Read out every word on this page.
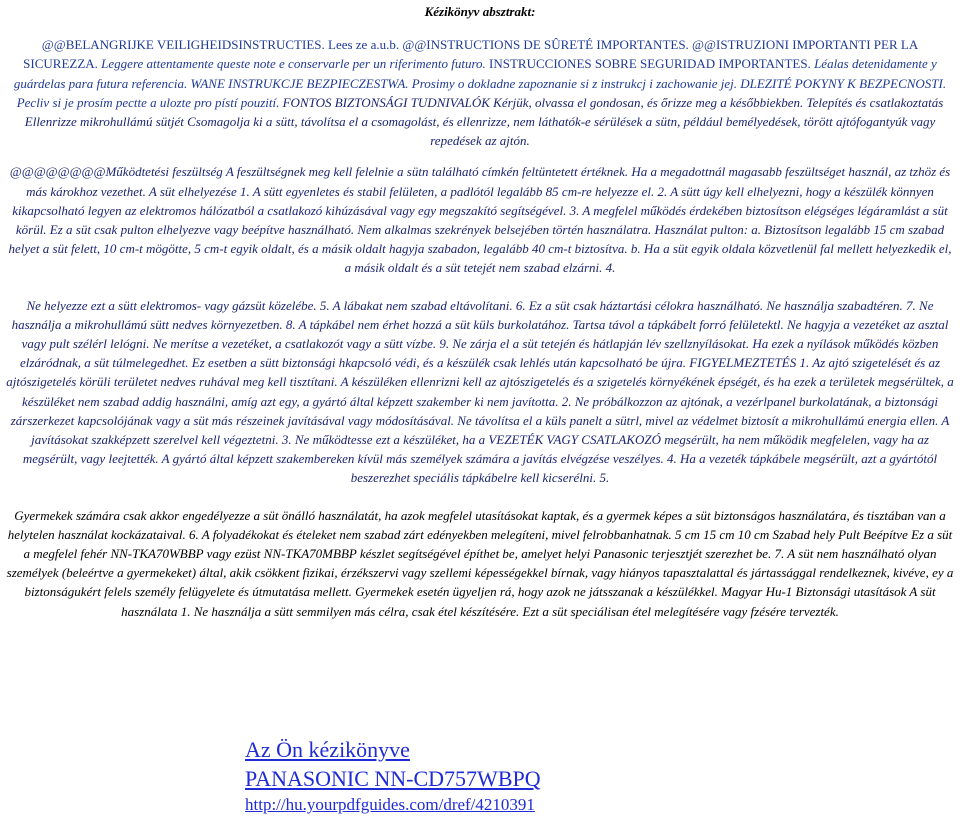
Kézikönyv absztrakt:

@@BELANGRIJKE VEILIGHEIDSINSTRUCTIES. Lees ze a.u.b. @@INSTRUCTIONS DE SÛRETÉ IMPORTANTES. @@ISTRUZIONI IMPORTANTI PER LA SICUREZZA. Leggere attentamente queste note e conservarle per un riferimento futuro. INSTRUCCIONES SOBRE SEGURIDAD IMPORTANTES. Léalas detenidamente y guárdelas para futura referencia. WANE INSTRUKCJE BEZPIECZESTWA. Prosimy o dokladne zapoznanie si z instrukcj i zachowanie jej. DLEZITÉ POKYNY K BEZPECNOSTI. Pecliv si je prosím pectte a ulozte pro pístí pouzití. FONTOS BIZTONSÁGI TUDNIVALÓK Kérjük, olvassa el gondosan, és őrizze meg a későbbiekben. Telepítés és csatlakoztatás Ellenrizze mikrohullámú sütjét Csomagolja ki a sütt, távolítsa el a csomagolást, és ellenrizze, nem láthatók-e sérülések a sütn, például bemélyedések, törött ajtófogantyúk vagy repedések az ajtón.

@@@@@@@@Működtetési feszültség A feszültségnek meg kell felelnie a sütn található címkén feltüntetett értéknek. Ha a megadottnál magasabb feszültséget használ, az tzhöz és más károkhoz vezethet. A süt elhelyezése 1. A sütt egyenletes és stabil felületen, a padlótól legalább 85 cm-re helyezze el. 2. A sütt úgy kell elhelyezni, hogy a készülék könnyen kikapcsolható legyen az elektromos hálózatból a csatlakozó kihúzásával vagy egy megszakító segítségével. 3. A megfelel működés érdekében biztosítson elégséges légáramlást a süt körül. Ez a süt csak pulton elhelyezve vagy beépítve használható. Nem alkalmas szekrények belsejében történ használatra. Használat pulton: a. Biztosítson legalább 15 cm szabad helyet a süt felett, 10 cm-t mögötte, 5 cm-t egyik oldalt, és a másik oldalt hagyja szabadon, legalább 40 cm-t biztosítva. b. Ha a süt egyik oldala közvetlenül fal mellett helyezkedik el, a másik oldalt és a süt tetejét nem szabad elzárni. 4.

Ne helyezze ezt a sütt elektromos- vagy gázsüt közelébe. 5. A lábakat nem szabad eltávolítani. 6. Ez a süt csak háztartási célokra használható. Ne használja szabadtéren. 7. Ne használja a mikrohullámú sütt nedves környezetben. 8. A tápkábel nem érhet hozzá a süt küls burkolatához. Tartsa távol a tápkábelt forró felületektl. Ne hagyja a vezetéket az asztal vagy pult szélérl lelógni. Ne merítse a vezetéket, a csatlakozót vagy a sütt vízbe. 9. Ne zárja el a süt tetején és hátlapján lév szellznyílásokat. Ha ezek a nyílások működés közben elzáródnak, a süt túlmelegedhet. Ez esetben a sütt biztonsági hkapcsoló védi, és a készülék csak lehlés után kapcsolható be újra. FIGYELMEZTETÉS 1. Az ajtó szigetelését és az ajtószigetelés körüli területet nedves ruhával meg kell tisztítani. A készüléken ellenrizni kell az ajtószigetelés és a szigetelés környékének épségét, és ha ezek a területek megsérültek, a készüléket nem szabad addig használni, amíg azt egy, a gyártó által képzett szakember ki nem javította. 2. Ne próbálkozzon az ajtónak, a vezérlpanel burkolatának, a biztonsági zárszerkezet kapcsolójának vagy a süt más részeinek javításával vagy módosításával. Ne távolítsa el a küls panelt a sütrl, mivel az védelmet biztosít a mikrohullámú energia ellen. A javításokat szakképzett szerelvel kell végeztetni. 3. Ne működtesse ezt a készüléket, ha a VEZETÉK VAGY CSATLAKOZÓ megsérült, ha nem működik megfelelen, vagy ha az megsérült, vagy leejtették. A gyártó által képzett szakembereken kívül más személyek számára a javítás elvégzése veszélyes. 4. Ha a vezeték tápkábele megsérült, azt a gyártótól beszerezhet speciális tápkábelre kell kicserélni. 5.

Gyermekek számára csak akkor engedélyezze a süt önálló használatát, ha azok megfelel utasításokat kaptak, és a gyermek képes a süt biztonságos használatára, és tisztában van a helytelen használat kockázataival. 6. A folyadékokat és ételeket nem szabad zárt edényekben melegíteni, mivel felrobbanhatnak. 5 cm 15 cm 10 cm Szabad hely Pult Beépítve Ez a süt a megfelel fehér NN-TKA70WBBP vagy ezüst NN-TKA70MBBP készlet segítségével építhet be, amelyet helyi Panasonic terjesztjét szerezhet be. 7. A süt nem használható olyan személyek (beleértve a gyermekeket) által, akik csökkent fizikai, érzékszervi vagy szellemi képességekkel bírnak, vagy hiányos tapasztalattal és jártassággal rendelkeznek, kivéve, ey a biztonságukért felels személy felügyelete és útmutatása mellett. Gyermekek esetén ügyeljen rá, hogy azok ne játsszanak a készülékkel. Magyar Hu-1 Biztonsági utasítások A süt használata 1. Ne használja a sütt semmilyen más célra, csak étel készítésére. Ezt a süt speciálisan étel melegítésére vagy fzésére tervezték.

Az Ön kézikönyve
PANASONIC NN-CD757WBPQ
http://hu.yourpdfguides.com/dref/4210391
